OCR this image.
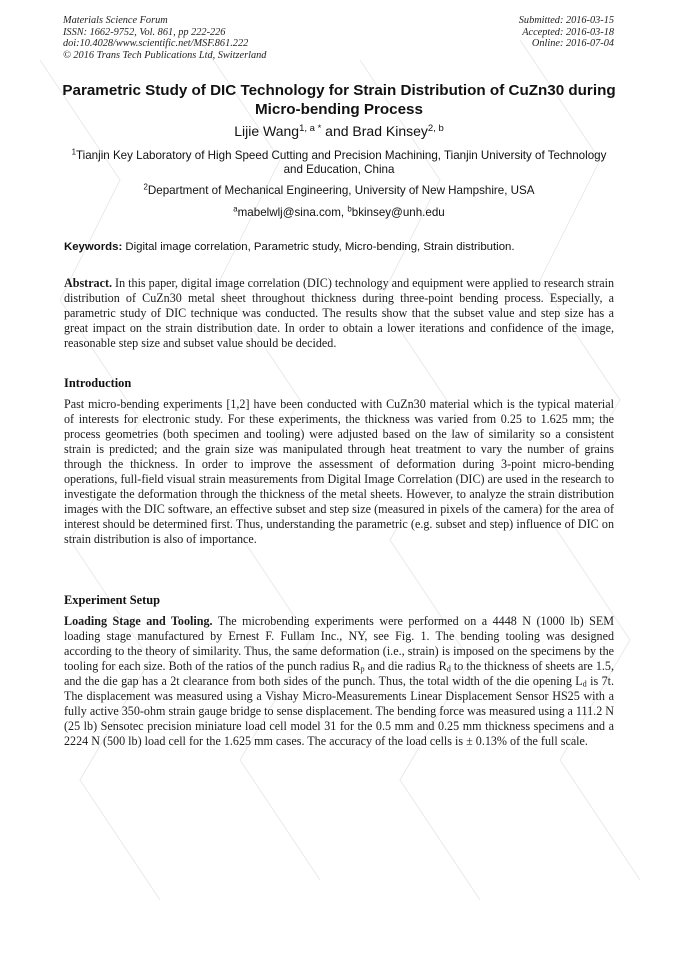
Materials Science Forum
ISSN: 1662-9752, Vol. 861, pp 222-226
doi:10.4028/www.scientific.net/MSF.861.222
© 2016 Trans Tech Publications Ltd, Switzerland
Submitted: 2016-03-15
Accepted: 2016-03-18
Online: 2016-07-04
Parametric Study of DIC Technology for Strain Distribution of CuZn30 during Micro-bending Process
Lijie Wang$^{1, a *}$ and Brad Kinsey$^{2, b}$
$^1$Tianjin Key Laboratory of High Speed Cutting and Precision Machining, Tianjin University of Technology and Education, China
$^2$Department of Mechanical Engineering, University of New Hampshire, USA
$^a$mabelwlj@sina.com, $^b$bkinsey@unh.edu
Keywords: Digital image correlation, Parametric study, Micro-bending, Strain distribution.
Abstract. In this paper, digital image correlation (DIC) technology and equipment were applied to research strain distribution of CuZn30 metal sheet throughout thickness during three-point bending process. Especially, a parametric study of DIC technique was conducted. The results show that the subset value and step size has a great impact on the strain distribution date. In order to obtain a lower iterations and confidence of the image, reasonable step size and subset value should be decided.
Introduction
Past micro-bending experiments [1,2] have been conducted with CuZn30 material which is the typical material of interests for electronic study. For these experiments, the thickness was varied from 0.25 to 1.625 mm; the process geometries (both specimen and tooling) were adjusted based on the law of similarity so a consistent strain is predicted; and the grain size was manipulated through heat treatment to vary the number of grains through the thickness. In order to improve the assessment of deformation during 3-point micro-bending operations, full-field visual strain measurements from Digital Image Correlation (DIC) are used in the research to investigate the deformation through the thickness of the metal sheets. However, to analyze the strain distribution images with the DIC software, an effective subset and step size (measured in pixels of the camera) for the area of interest should be determined first. Thus, understanding the parametric (e.g. subset and step) influence of DIC on strain distribution is also of importance.
Experiment Setup
Loading Stage and Tooling. The microbending experiments were performed on a 4448 N (1000 lb) SEM loading stage manufactured by Ernest F. Fullam Inc., NY, see Fig. 1. The bending tooling was designed according to the theory of similarity. Thus, the same deformation (i.e., strain) is imposed on the specimens by the tooling for each size. Both of the ratios of the punch radius $R_p$ and die radius $R_d$ to the thickness of sheets are 1.5, and the die gap has a 2t clearance from both sides of the punch. Thus, the total width of the die opening $L_d$ is 7t. The displacement was measured using a Vishay Micro-Measurements Linear Displacement Sensor HS25 with a fully active 350-ohm strain gauge bridge to sense displacement. The bending force was measured using a 111.2 N (25 lb) Sensotec precision miniature load cell model 31 for the 0.5 mm and 0.25 mm thickness specimens and a 2224 N (500 lb) load cell for the 1.625 mm cases. The accuracy of the load cells is ± 0.13% of the full scale.
